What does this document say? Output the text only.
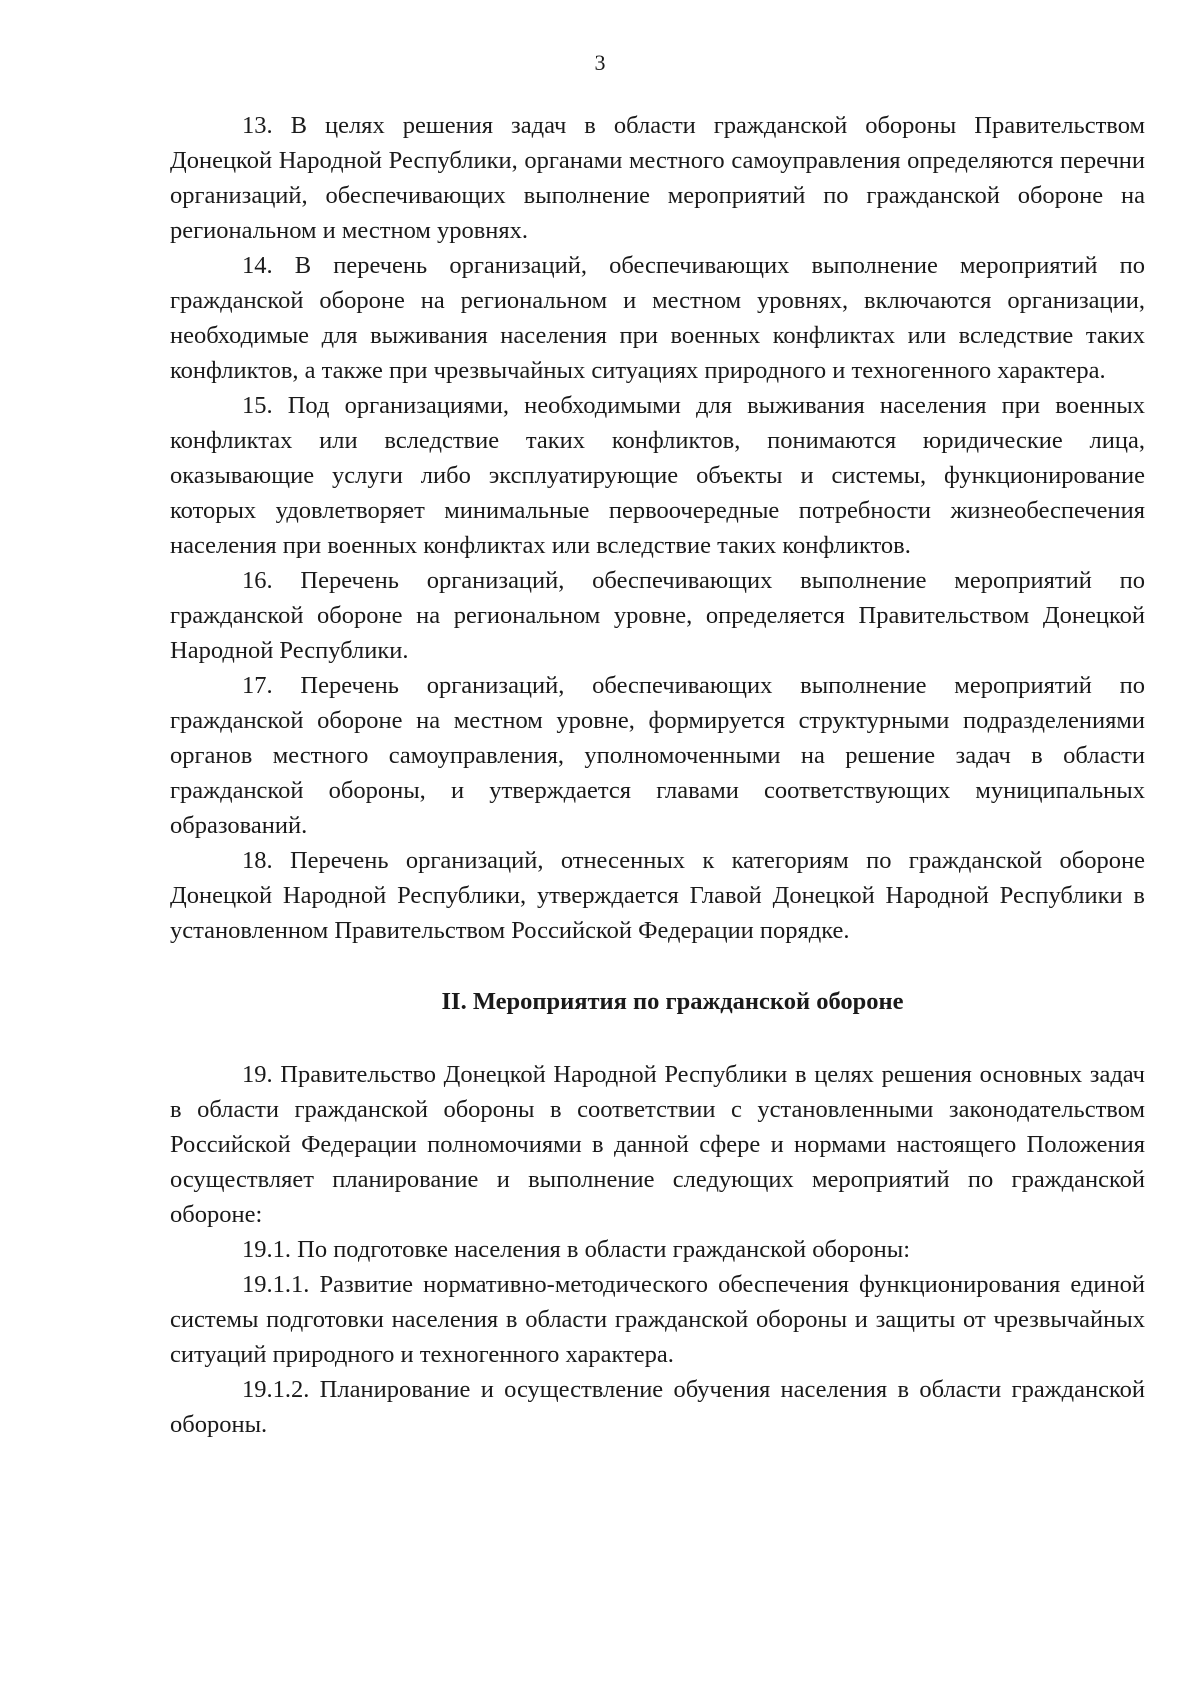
3

13. В целях решения задач в области гражданской обороны Правительством Донецкой Народной Республики, органами местного самоуправления определяются перечни организаций, обеспечивающих выполнение мероприятий по гражданской обороне на региональном и местном уровнях.

14. В перечень организаций, обеспечивающих выполнение мероприятий по гражданской обороне на региональном и местном уровнях, включаются организации, необходимые для выживания населения при военных конфликтах или вследствие таких конфликтов, а также при чрезвычайных ситуациях природного и техногенного характера.

15. Под организациями, необходимыми для выживания населения при военных конфликтах или вследствие таких конфликтов, понимаются юридические лица, оказывающие услуги либо эксплуатирующие объекты и системы, функционирование которых удовлетворяет минимальные первоочередные потребности жизнеобеспечения населения при военных конфликтах или вследствие таких конфликтов.

16. Перечень организаций, обеспечивающих выполнение мероприятий по гражданской обороне на региональном уровне, определяется Правительством Донецкой Народной Республики.

17. Перечень организаций, обеспечивающих выполнение мероприятий по гражданской обороне на местном уровне, формируется структурными подразделениями органов местного самоуправления, уполномоченными на решение задач в области гражданской обороны, и утверждается главами соответствующих муниципальных образований.

18. Перечень организаций, отнесенных к категориям по гражданской обороне Донецкой Народной Республики, утверждается Главой Донецкой Народной Республики в установленном Правительством Российской Федерации порядке.

II. Мероприятия по гражданской обороне

19. Правительство Донецкой Народной Республики в целях решения основных задач в области гражданской обороны в соответствии с установленными законодательством Российской Федерации полномочиями в данной сфере и нормами настоящего Положения осуществляет планирование и выполнение следующих мероприятий по гражданской обороне:

19.1. По подготовке населения в области гражданской обороны:

19.1.1. Развитие нормативно-методического обеспечения функционирования единой системы подготовки населения в области гражданской обороны и защиты от чрезвычайных ситуаций природного и техногенного характера.

19.1.2. Планирование и осуществление обучения населения в области гражданской обороны.
